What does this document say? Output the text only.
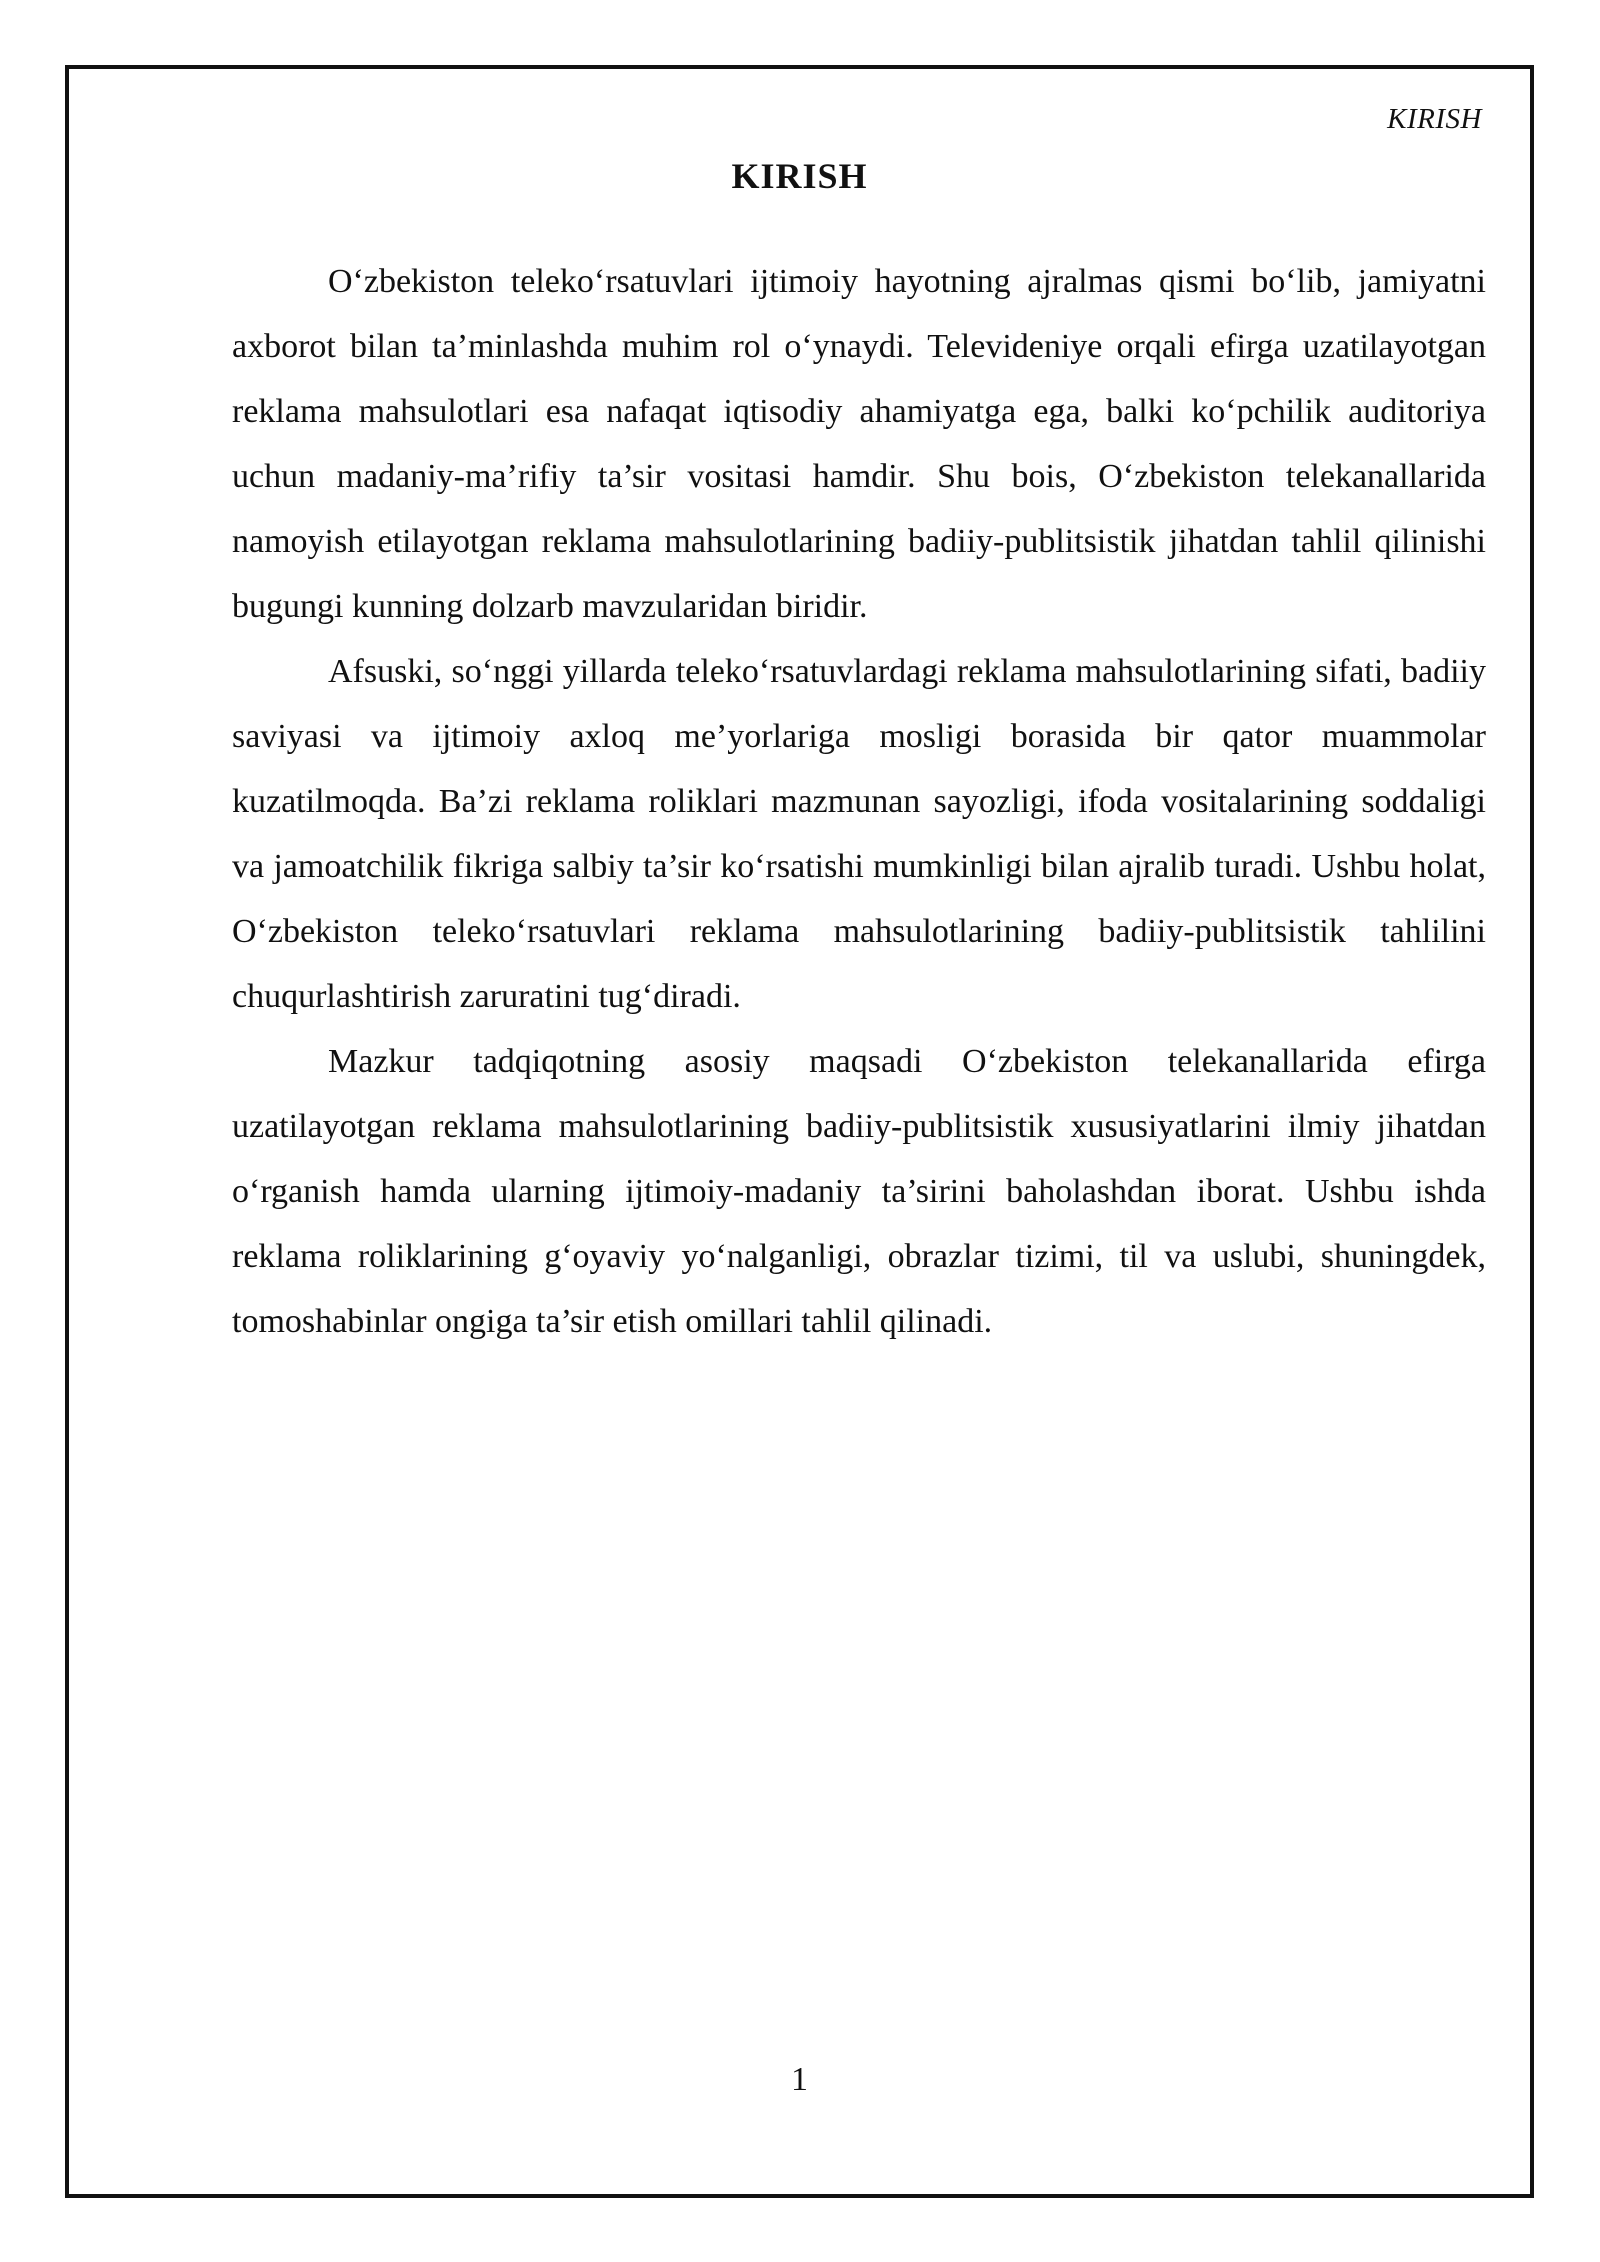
KIRISH
KIRISH

O‘zbekiston teleko‘rsatuvlari ijtimoiy hayotning ajralmas qismi bo‘lib, jamiyatni axborot bilan ta’minlashda muhim rol o‘ynaydi. Televideniye orqali efirga uzatilayotgan reklama mahsulotlari esa nafaqat iqtisodiy ahamiyatga ega, balki ko‘pchilik auditoriya uchun madaniy-ma’rifiy ta’sir vositasi hamdir. Shu bois, O‘zbekiston telekanallarida namoyish etilayotgan reklama mahsulotlarining badiiy-publitsistik jihatdan tahlil qilinishi bugungi kunning dolzarb mavzularidan biridir.

Afsuski, so‘nggi yillarda teleko‘rsatuvlardagi reklama mahsulotlarining sifati, badiiy saviyasi va ijtimoiy axloq me’yorlariga mosligi borasida bir qator muammolar kuzatilmoqda. Ba’zi reklama roliklari mazmunan sayozligi, ifoda vositalarining soddaligi va jamoatchilik fikriga salbiy ta’sir ko‘rsatishi mumkinligi bilan ajralib turadi. Ushbu holat, O‘zbekiston teleko‘rsatuvlari reklama mahsulotlarining badiiy-publitsistik tahlilini chuqurlashtirish zaruratini tug‘diradi.

Mazkur tadqiqotning asosiy maqsadi O‘zbekiston telekanallarida efirga uzatilayotgan reklama mahsulotlarining badiiy-publitsistik xususiyatlarini ilmiy jihatdan o‘rganish hamda ularning ijtimoiy-madaniy ta’sirini baholashdan iborat. Ushbu ishda reklama roliklarining g‘oyaviy yo‘nalganligi, obrazlar tizimi, til va uslubi, shuningdek, tomoshabinlar ongiga ta’sir etish omillari tahlil qilinadi.

1
